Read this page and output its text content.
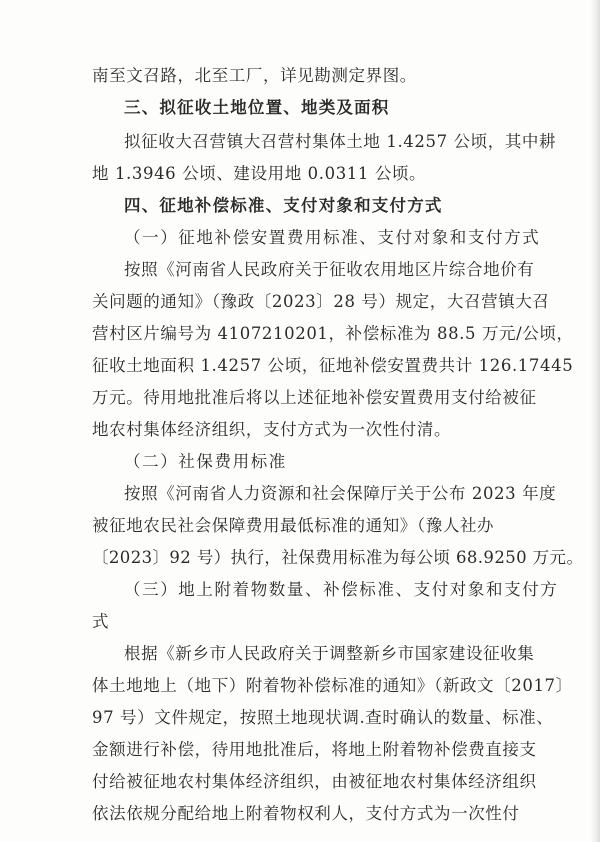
南至文召路，北至工厂，详见勘测定界图。
三、拟征收土地位置、地类及面积
拟征收大召营镇大召营村集体土地 1.4257 公顷，其中耕
地 1.3946 公顷、建设用地 0.0311 公顷。
四、征地补偿标准、支付对象和支付方式
（一）征地补偿安置费用标准、支付对象和支付方式
按照《河南省人民政府关于征收农用地区片综合地价有
关问题的通知》（豫政〔2023〕28 号）规定，大召营镇大召
营村区片编号为 4107210201，补偿标准为 88.5 万元/公顷，
征收土地面积 1.4257 公顷，征地补偿安置费共计 126.17445
万元。待用地批准后将以上述征地补偿安置费用支付给被征
地农村集体经济组织，支付方式为一次性付清。
（二）社保费用标准
按照《河南省人力资源和社会保障厅关于公布 2023 年度
被征地农民社会保障费用最低标准的通知》（豫人社办
〔2023〕92 号）执行，社保费用标准为每公顷 68.9250 万元。
（三）地上附着物数量、补偿标准、支付对象和支付方
式
根据《新乡市人民政府关于调整新乡市国家建设征收集
体土地地上（地下）附着物补偿标准的通知》（新政文〔2017〕
97 号）文件规定，按照土地现状调.查时确认的数量、标准、
金额进行补偿，待用地批准后，将地上附着物补偿费直接支
付给被征地农村集体经济组织，由被征地农村集体经济组织
依法依规分配给地上附着物权利人，支付方式为一次性付
